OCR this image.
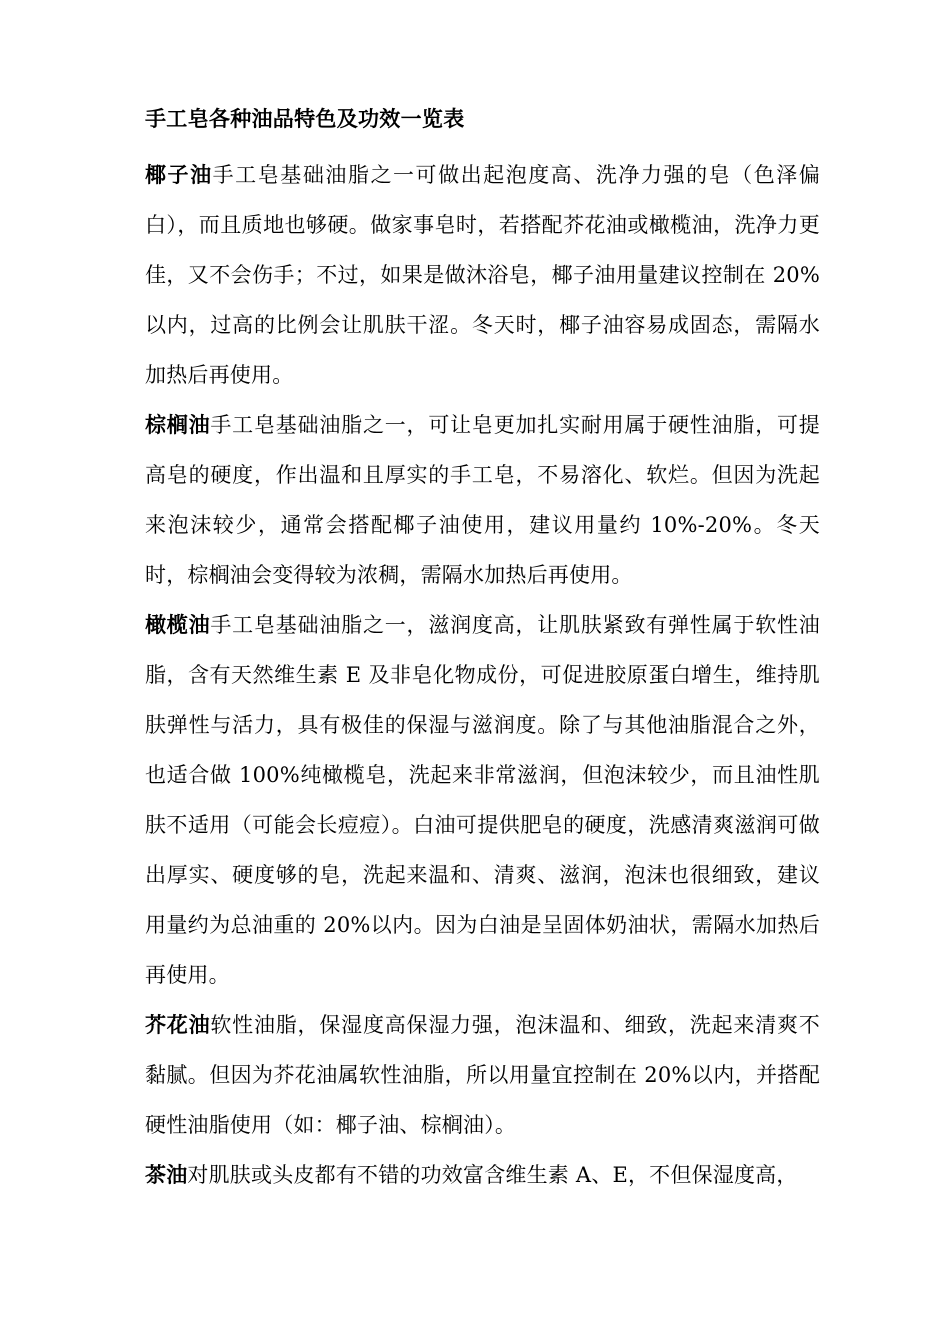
手工皂各种油品特色及功效一览表

椰子油手工皂基础油脂之一可做出起泡度高、洗净力强的皂（色泽偏白），而且质地也够硬。做家事皂时，若搭配芥花油或橄榄油，洗净力更佳，又不会伤手；不过，如果是做沐浴皂，椰子油用量建议控制在 20%以内，过高的比例会让肌肤干涩。冬天时，椰子油容易成固态，需隔水加热后再使用。

棕榈油手工皂基础油脂之一，可让皂更加扎实耐用属于硬性油脂，可提高皂的硬度，作出温和且厚实的手工皂，不易溶化、软烂。但因为洗起来泡沫较少，通常会搭配椰子油使用，建议用量约 10%-20%。冬天时，棕榈油会变得较为浓稠，需隔水加热后再使用。

橄榄油手工皂基础油脂之一，滋润度高，让肌肤紧致有弹性属于软性油脂，含有天然维生素 E 及非皂化物成份，可促进胶原蛋白增生，维持肌肤弹性与活力，具有极佳的保湿与滋润度。除了与其他油脂混合之外，也适合做 100%纯橄榄皂，洗起来非常滋润，但泡沫较少，而且油性肌肤不适用（可能会长痘痘）。白油可提供肥皂的硬度，洗感清爽滋润可做出厚实、硬度够的皂，洗起来温和、清爽、滋润，泡沫也很细致，建议用量约为总油重的 20%以内。因为白油是呈固体奶油状，需隔水加热后再使用。

芥花油软性油脂，保湿度高保湿力强，泡沫温和、细致，洗起来清爽不黏腻。但因为芥花油属软性油脂，所以用量宜控制在 20%以内，并搭配硬性油脂使用（如：椰子油、棕榈油）。

茶油对肌肤或头皮都有不错的功效富含维生素 A、E，不但保湿度高，
